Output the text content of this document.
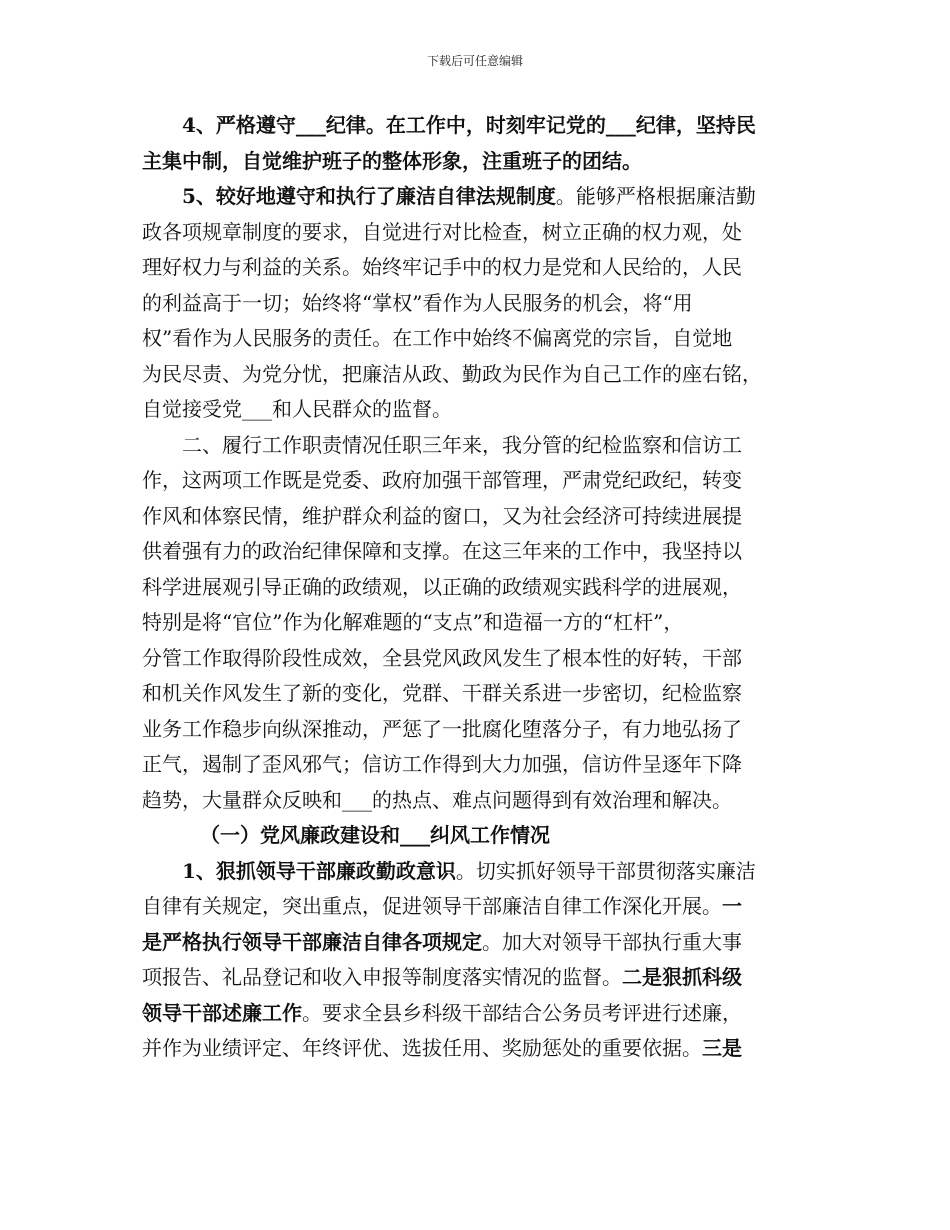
下载后可任意编辑
4、严格遵守___纪律。在工作中，时刻牢记党的___纪律，坚持民
主集中制，自觉维护班子的整体形象，注重班子的团结。
5、较好地遵守和执行了廉洁自律法规制度。能够严格根据廉洁勤
政各项规章制度的要求，自觉进行对比检查，树立正确的权力观，处
理好权力与利益的关系。始终牢记手中的权力是党和人民给的，人民
的利益高于一切；始终将“掌权”看作为人民服务的机会，将“用
权”看作为人民服务的责任。在工作中始终不偏离党的宗旨，自觉地
为民尽责、为党分忧，把廉洁从政、勤政为民作为自己工作的座右铭，
自觉接受党___和人民群众的监督。
二、履行工作职责情况任职三年来，我分管的纪检监察和信访工
作，这两项工作既是党委、政府加强干部管理，严肃党纪政纪，转变
作风和体察民情，维护群众利益的窗口，又为社会经济可持续进展提
供着强有力的政治纪律保障和支撑。在这三年来的工作中，我坚持以
科学进展观引导正确的政绩观，以正确的政绩观实践科学的进展观，
特别是将“官位”作为化解难题的“支点”和造福一方的“杠杆”，
分管工作取得阶段性成效，全县党风政风发生了根本性的好转，干部
和机关作风发生了新的变化，党群、干群关系进一步密切，纪检监察
业务工作稳步向纵深推动，严惩了一批腐化堕落分子，有力地弘扬了
正气，遏制了歪风邪气；信访工作得到大力加强，信访件呈逐年下降
趋势，大量群众反映和___的热点、难点问题得到有效治理和解决。
（一）党风廉政建设和___纠风工作情况
1、狠抓领导干部廉政勤政意识。切实抓好领导干部贯彻落实廉洁
自律有关规定，突出重点，促进领导干部廉洁自律工作深化开展。一
是严格执行领导干部廉洁自律各项规定。加大对领导干部执行重大事
项报告、礼品登记和收入申报等制度落实情况的监督。二是狠抓科级
领导干部述廉工作。要求全县乡科级干部结合公务员考评进行述廉，
并作为业绩评定、年终评优、选拔任用、奖励惩处的重要依据。三是
